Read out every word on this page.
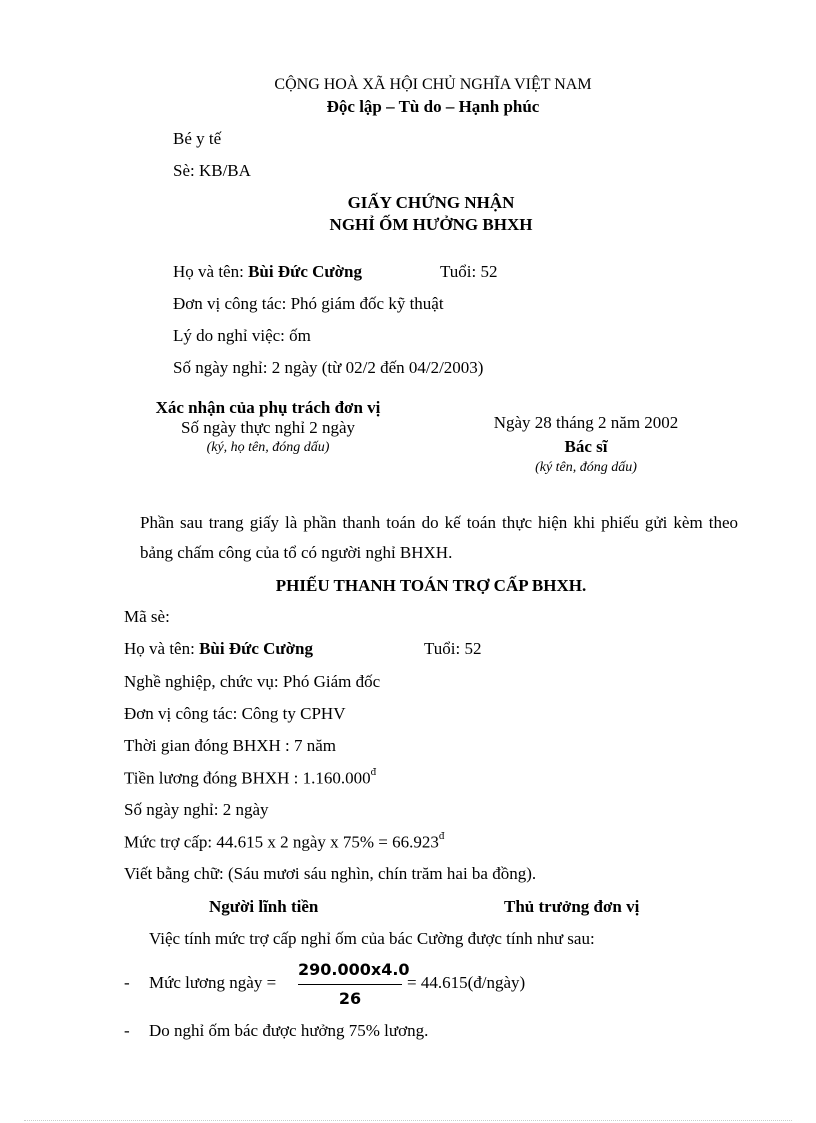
CỘNG HOÀ XÃ HỘI CHỦ NGHĨA VIỆT NAM
Độc lập – Tù do – Hạnh phúc
Bé y tế
Sè: KB/BA
GIẤY CHỨNG NHẬN
NGHỈ ỐM HƯỞNG BHXH
Họ và tên: Bùi Đức Cường	Tuổi: 52
Đơn vị công tác: Phó giám đốc kỹ thuật
Lý do nghỉ việc: ốm
Số ngày nghỉ: 2 ngày (từ 02/2 đến 04/2/2003)
Xác nhận của phụ trách đơn vị
Số ngày thực nghỉ 2 ngày
(ký, họ tên, đóng dấu)
Ngày 28 tháng 2 năm 2002
Bác sĩ
(ký tên, đóng dấu)

Phần sau trang giấy là phần thanh toán do kế toán thực hiện khi phiếu gửi kèm theo bảng chấm công của tổ có người nghỉ BHXH.

PHIẾU THANH TOÁN TRỢ CẤP BHXH.
Mã sè:
Họ và tên: Bùi Đức Cường	Tuổi: 52
Nghề nghiệp, chức vụ: Phó Giám đốc
Đơn vị công tác: Công ty CPHV
Thời gian đóng BHXH : 7 năm
Tiền lương đóng BHXH : $1.160.000^đ$
Số ngày nghỉ: 2 ngày
Mức trợ cấp: 44.615 x 2 ngày x $75\% = 66.923^đ$
Viết bằng chữ: (Sáu mươi sáu nghìn, chín trăm hai ba đồng).
Người lĩnh tiền	Thủ trưởng đơn vị
Việc tính mức trợ cấp nghỉ ốm của bác Cường được tính như sau:
- Mức lương ngày =
290.000x4.0
26
= 44.615(đ/ngày)
- Do nghỉ ốm bác được hưởng 75% lương.
